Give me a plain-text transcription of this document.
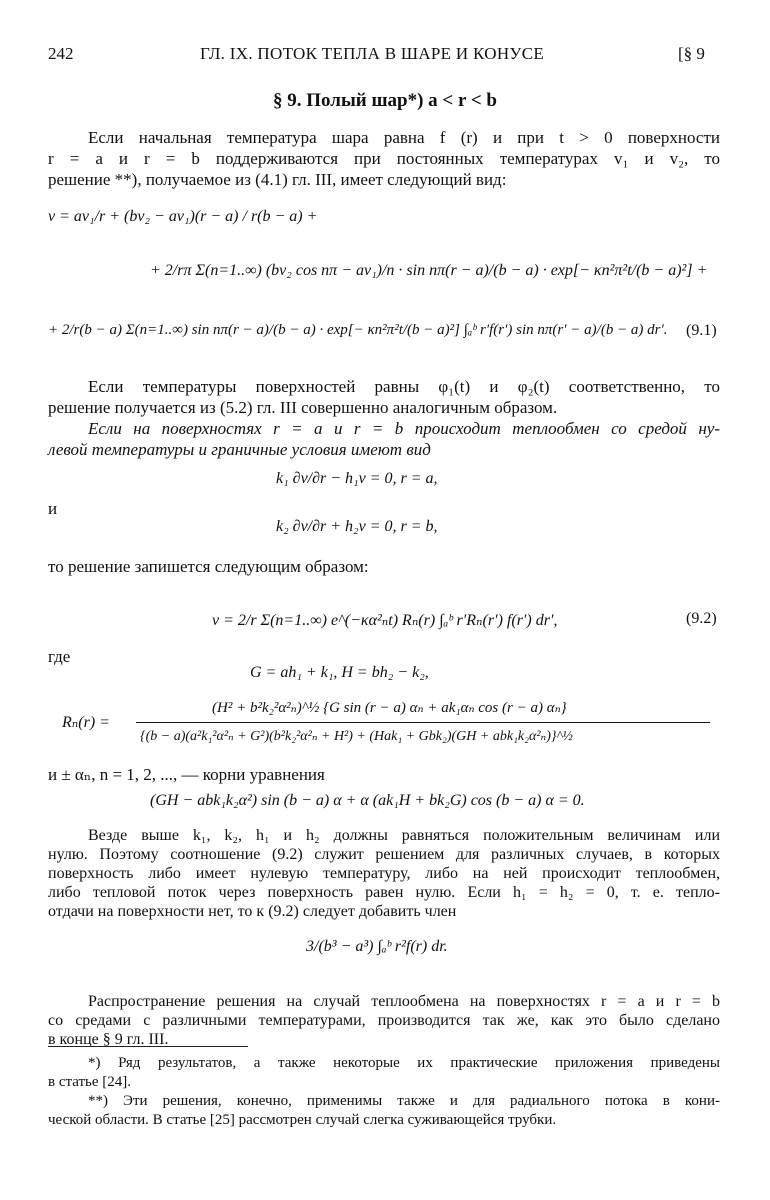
242	ГЛ. IX. ПОТОК ТЕПЛА В ШАРЕ И КОНУСЕ	[§ 9
§ 9. Полый шар*) a < r < b
Если начальная температура шара равна f (r) и при t > 0 поверхности
r = a и r = b поддерживаются при постоянных температурах v₁ и v₂, то
решение **), получаемое из (4.1) гл. III, имеет следующий вид:
v = av₁/r + (bv₂ − av₁)(r − a) / r(b − a) +
+ 2/rπ Σ(n=1..∞) (bv₂ cos nπ − av₁)/n · sin nπ(r − a)/(b − a) · exp[− κn²π²t/(b − a)²] +
+ 2/r(b − a) Σ(n=1..∞) sin nπ(r − a)/(b − a) · exp[− κn²π²t/(b − a)²] ∫ₐᵇ r′f(r′) sin nπ(r′ − a)/(b − a) dr′. (9.1)
Если температуры поверхностей равны φ₁(t) и φ₂(t) соответственно, то
решение получается из (5.2) гл. III совершенно аналогичным образом.
Если на поверхностях r = a и r = b происходит теплообмен со средой ну-
левой температуры и граничные условия имеют вид
k₁ ∂v/∂r − h₁v = 0, r = a,
и
k₂ ∂v/∂r + h₂v = 0, r = b,
то решение запишется следующим образом:
v = 2/r Σ(n=1..∞) e^(−κα²ₙt) Rₙ(r) ∫ₐᵇ r′Rₙ(r′) f(r′) dr′,	(9.2)
где
G = ah₁ + k₁, H = bh₂ − k₂,
Rₙ(r) =
(H² + b²k₂²α²ₙ)^½ {G sin (r − a) αₙ + ak₁αₙ cos (r − a) αₙ}
{(b − a)(a²k₁²α²ₙ + G²)(b²k₂²α²ₙ + H²) + (Hak₁ + Gbk₂)(GH + abk₁k₂α²ₙ)}^½
и ± αₙ, n = 1, 2, ..., — корни уравнения
(GH − abk₁k₂α²) sin (b − a) α + α (ak₁H + bk₂G) cos (b − a) α = 0.
Везде выше k₁, k₂, h₁ и h₂ должны равняться положительным величинам или
нулю. Поэтому соотношение (9.2) служит решением для различных случаев, в которых
поверхность либо имеет нулевую температуру, либо на ней происходит теплообмен,
либо тепловой поток через поверхность равен нулю. Если h₁ = h₂ = 0, т. е. тепло-
отдачи на поверхности нет, то к (9.2) следует добавить член
3/(b³ − a³) ∫ₐᵇ r²f(r) dr.
Распространение решения на случай теплообмена на поверхностях r = a и r = b
со средами с различными температурами, производится так же, как это было сделано
в конце § 9 гл. III.
*) Ряд результатов, а также некоторые их практические приложения приведены
в статье [24].
**) Эти решения, конечно, применимы также и для радиального потока в кони-
ческой области. В статье [25] рассмотрен случай слегка суживающейся трубки.
